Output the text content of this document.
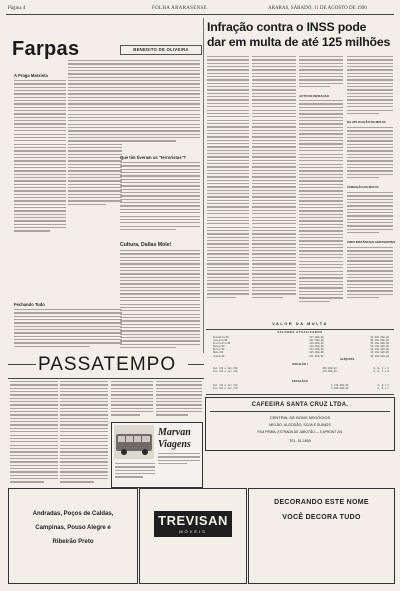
Página 4	FOLHA ARARASENSE	ARARAS, SÁBADO, 11 DE AGOSTO DE 1990
Farpas	BENEDITO DE OLIVEIRA
A Praga Marxista
Fechando Tudo
Que tim tiveram os "terroristas"?
Cultura, Dallas Mole!
Infração contra o INSS pode
dar em multa de até 125 milhões
AUTO DE INFRAÇÃO
DA APLICAÇÃO DA MULTA
VARIAÇÃO DA MULTA
CIRCUNSTÂNCIAS AGRAVANTES
VALOR DA MULTA
VALORES ATUALIZADOS
Dezembro/89	147.000,00	29.398.000,00
Janeiro/90	102.530,00	36.168.000,00
Fevereiro/90	148.000,00	36.168.000,00
Março/90	149.000,00	36.168.000,00
Abril/90	164.000,00	36.168.000,00
Maio/90	185.000,00	36.168.000,00
Junho/90	221.000,00	36.168.000,00
ESCALÃO I
Dez./89 a Jan./90	250.000,00	A, B, C e D
Fev./90 a Jun./90	270.000,00	A, B, C e D
ALÍQUOTA
ESCALÃO II
Dez./89 a Jan./90	1.470.000,00	A, B e F
Fev./90 a Jun./90	1.600.000,00	A, B e F
PASSATEMPO
Marvan
Viagens
CAFEEIRA SANTA CRUZ LTDA.
CENTRAL DE BONS NEGÓCIOS
MELÃO, ALGODÃO, SOJA E SUINOS
RUA PRIMA, ESTRADA DE JABOTÃO — 5 APRONT 261
TEL. 51-1600
Andradas, Poços de Caldas,
Campinas, Pouso Alegre e
Ribeirão Preto
TREVISAN
MÓVEIS
DECORANDO ESTE NOME
VOCÊ DECORA TUDO
